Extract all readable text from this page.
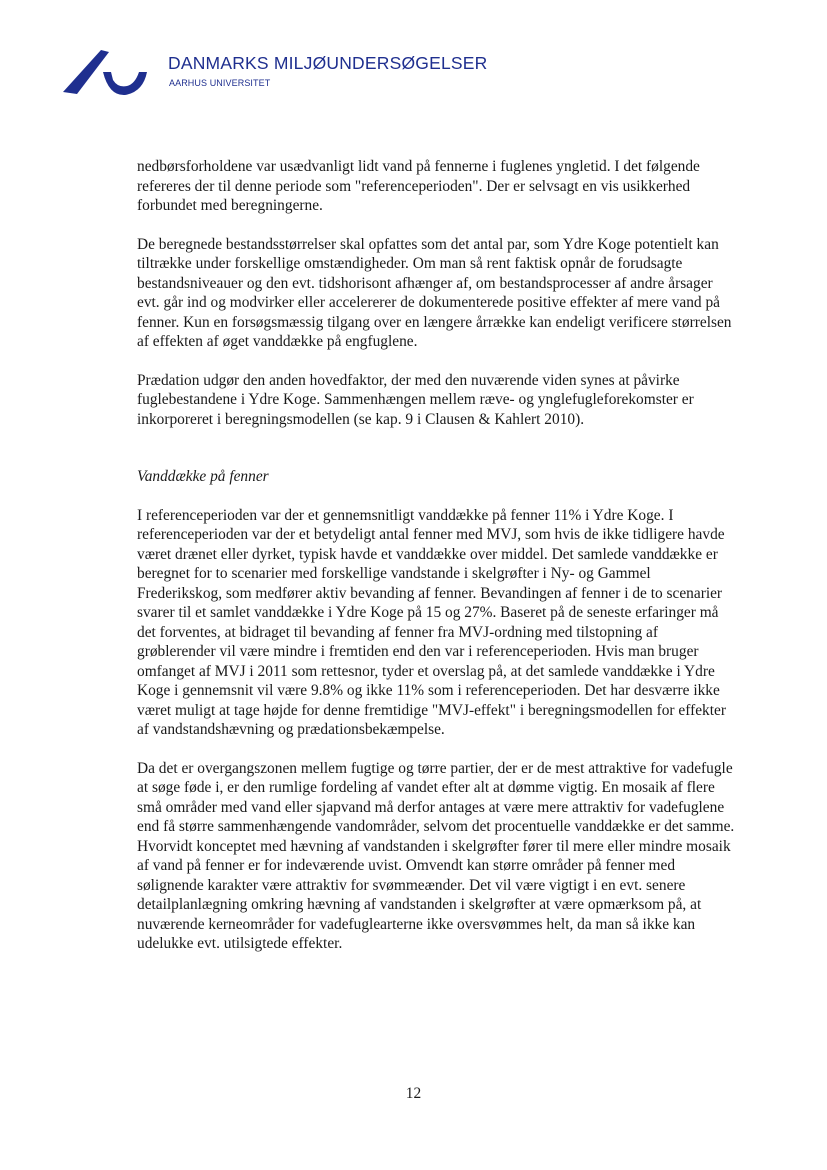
DANMARKS MILJØUNDERSØGELSER
AARHUS UNIVERSITET

nedbørsforholdene var usædvanligt lidt vand på fennerne i fuglenes yngletid. I det følgende refereres der til denne periode som "referenceperioden". Der er selvsagt en vis usikkerhed forbundet med beregningerne.

De beregnede bestandsstørrelser skal opfattes som det antal par, som Ydre Koge potentielt kan tiltrække under forskellige omstændigheder. Om man så rent faktisk opnår de forudsagte bestandsniveauer og den evt. tidshorisont afhænger af, om bestandsprocesser af andre årsager evt. går ind og modvirker eller accelererer de dokumenterede positive effekter af mere vand på fenner. Kun en forsøgsmæssig tilgang over en længere årrække kan endeligt verificere størrelsen af effekten af øget vanddække på engfuglene.

Prædation udgør den anden hovedfaktor, der med den nuværende viden synes at påvirke fuglebestandene i Ydre Koge. Sammenhængen mellem ræve- og ynglefugleforekomster er inkorporeret i beregningsmodellen (se kap. 9 i Clausen & Kahlert 2010).

Vanddække på fenner

I referenceperioden var der et gennemsnitligt vanddække på fenner 11% i Ydre Koge. I referenceperioden var der et betydeligt antal fenner med MVJ, som hvis de ikke tidligere havde været drænet eller dyrket, typisk havde et vanddække over middel. Det samlede vanddække er beregnet for to scenarier med forskellige vandstande i skelgrøfter i Ny- og Gammel Frederikskog, som medfører aktiv bevanding af fenner. Bevandingen af fenner i de to scenarier svarer til et samlet vanddække i Ydre Koge på 15 og 27%. Baseret på de seneste erfaringer må det forventes, at bidraget til bevanding af fenner fra MVJ-ordning med tilstopning af grøblerender vil være mindre i fremtiden end den var i referenceperioden. Hvis man bruger omfanget af MVJ i 2011 som rettesnor, tyder et overslag på, at det samlede vanddække i Ydre Koge i gennemsnit vil være 9.8% og ikke 11% som i referenceperioden. Det har desværre ikke været muligt at tage højde for denne fremtidige "MVJ-effekt" i beregningsmodellen for effekter af vandstandshævning og prædationsbekæmpelse.

Da det er overgangszonen mellem fugtige og tørre partier, der er de mest attraktive for vadefugle at søge føde i, er den rumlige fordeling af vandet efter alt at dømme vigtig. En mosaik af flere små områder med vand eller sjapvand må derfor antages at være mere attraktiv for vadefuglene end få større sammenhængende vandområder, selvom det procentuelle vanddække er det samme. Hvorvidt konceptet med hævning af vandstanden i skelgrøfter fører til mere eller mindre mosaik af vand på fenner er for indeværende uvist. Omvendt kan større områder på fenner med sølignende karakter være attraktiv for svømmeænder. Det vil være vigtigt i en evt. senere detailplanlægning omkring hævning af vandstanden i skelgrøfter at være opmærksom på, at nuværende kerneområder for vadefuglearterne ikke oversvømmes helt, da man så ikke kan udelukke evt. utilsigtede effekter.

12
